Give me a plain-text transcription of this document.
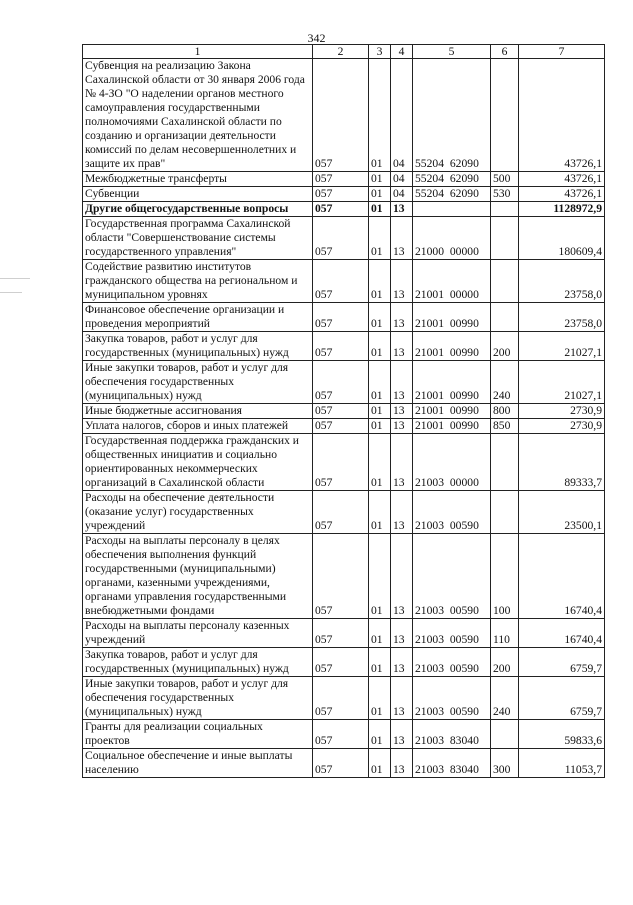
342
1	2	3	4	5	6	7
Субвенция на реализацию Закона Сахалинской области от 30 января 2006 года № 4-ЗО "О наделении органов местного самоуправления государственными полномочиями Сахалинской области по созданию и организации деятельности комиссий по делам несовершеннолетних и защите их прав"	057	01	04	55204 62090		43726,1
Межбюджетные трансферты	057	01	04	55204 62090	500	43726,1
Субвенции	057	01	04	55204 62090	530	43726,1
Другие общегосударственные вопросы	057	01	13			1128972,9
Государственная программа Сахалинской области "Совершенствование системы государственного управления"	057	01	13	21000 00000		180609,4
Содействие развитию институтов гражданского общества на региональном и муниципальном уровнях	057	01	13	21001 00000		23758,0
Финансовое обеспечение организации и проведения мероприятий	057	01	13	21001 00990		23758,0
Закупка товаров, работ и услуг для государственных (муниципальных) нужд	057	01	13	21001 00990	200	21027,1
Иные закупки товаров, работ и услуг для обеспечения государственных (муниципальных) нужд	057	01	13	21001 00990	240	21027,1
Иные бюджетные ассигнования	057	01	13	21001 00990	800	2730,9
Уплата налогов, сборов и иных платежей	057	01	13	21001 00990	850	2730,9
Государственная поддержка гражданских и общественных инициатив и социально ориентированных некоммерческих организаций в Сахалинской области	057	01	13	21003 00000		89333,7
Расходы на обеспечение деятельности (оказание услуг) государственных учреждений	057	01	13	21003 00590		23500,1
Расходы на выплаты персоналу в целях обеспечения выполнения функций государственными (муниципальными) органами, казенными учреждениями, органами управления государственными внебюджетными фондами	057	01	13	21003 00590	100	16740,4
Расходы на выплаты персоналу казенных учреждений	057	01	13	21003 00590	110	16740,4
Закупка товаров, работ и услуг для государственных (муниципальных) нужд	057	01	13	21003 00590	200	6759,7
Иные закупки товаров, работ и услуг для обеспечения государственных (муниципальных) нужд	057	01	13	21003 00590	240	6759,7
Гранты для реализации социальных проектов	057	01	13	21003 83040		59833,6
Социальное обеспечение и иные выплаты населению	057	01	13	21003 83040	300	11053,7
